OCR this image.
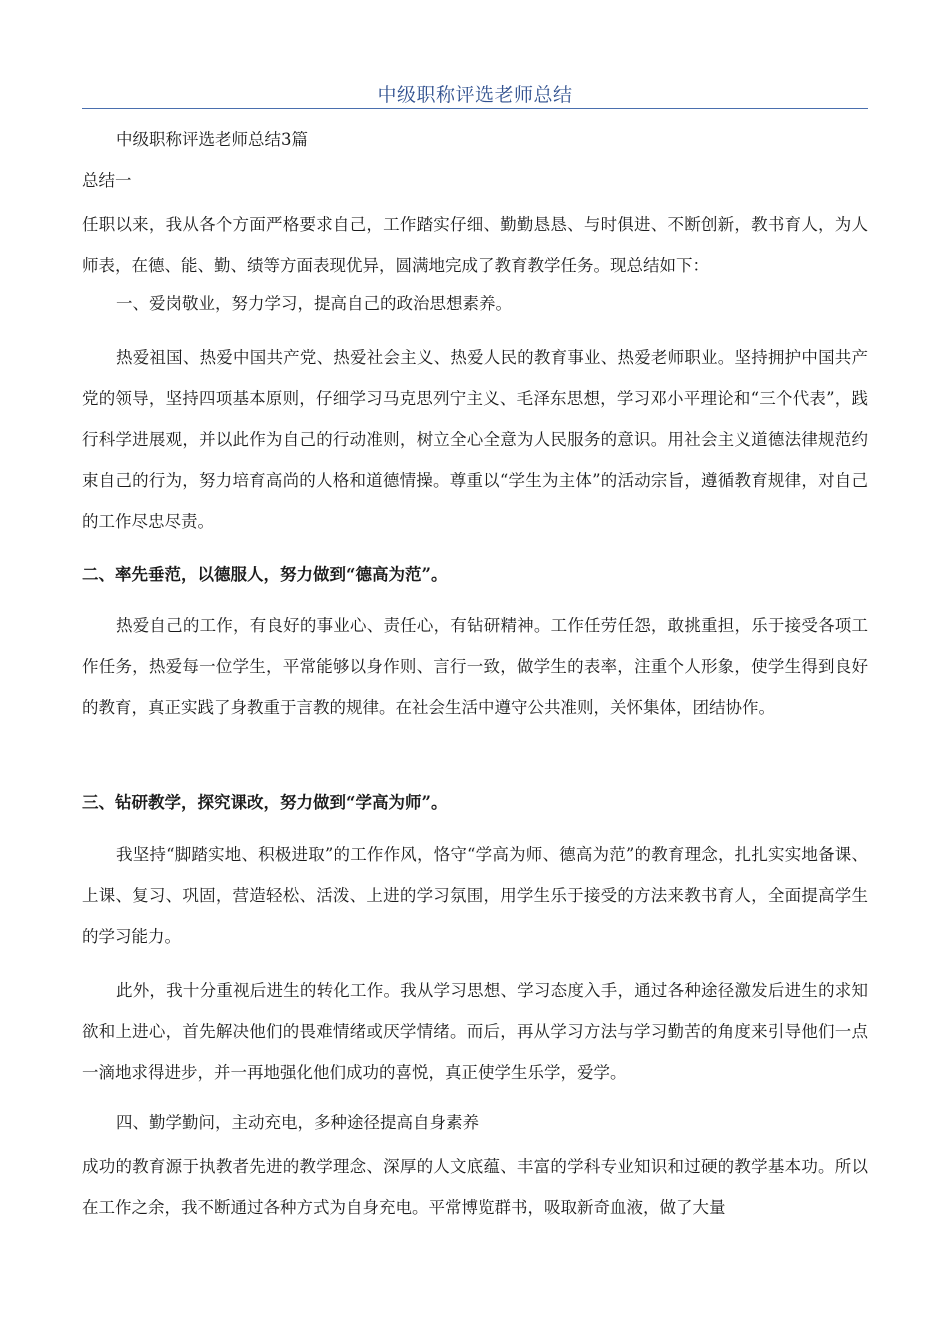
中级职称评选老师总结
中级职称评选老师总结3篇
总结一
任职以来，我从各个方面严格要求自己，工作踏实仔细、勤勤恳恳、与时俱进、不断创新，教书育人，为人师表，在德、能、勤、绩等方面表现优异，圆满地完成了教育教学任务。现总结如下：
一、爱岗敬业，努力学习，提高自己的政治思想素养。
热爱祖国、热爱中国共产党、热爱社会主义、热爱人民的教育事业、热爱老师职业。坚持拥护中国共产党的领导，坚持四项基本原则，仔细学习马克思列宁主义、毛泽东思想，学习邓小平理论和“三个代表”，践行科学进展观，并以此作为自己的行动准则，树立全心全意为人民服务的意识。用社会主义道德法律规范约束自己的行为，努力培育高尚的人格和道德情操。尊重以“学生为主体”的活动宗旨，遵循教育规律，对自己的工作尽忠尽责。
二、率先垂范，以德服人，努力做到“德高为范”。
热爱自己的工作，有良好的事业心、责任心，有钻研精神。工作任劳任怨，敢挑重担，乐于接受各项工作任务，热爱每一位学生，平常能够以身作则、言行一致，做学生的表率，注重个人形象，使学生得到良好的教育，真正实践了身教重于言教的规律。在社会生活中遵守公共准则，关怀集体，团结协作。
三、钻研教学，探究课改，努力做到“学高为师”。
我坚持“脚踏实地、积极进取”的工作作风，恪守“学高为师、德高为范”的教育理念，扎扎实实地备课、上课、复习、巩固，营造轻松、活泼、上进的学习氛围，用学生乐于接受的方法来教书育人，全面提高学生的学习能力。
此外，我十分重视后进生的转化工作。我从学习思想、学习态度入手，通过各种途径激发后进生的求知欲和上进心，首先解决他们的畏难情绪或厌学情绪。而后，再从学习方法与学习勤苦的角度来引导他们一点一滴地求得进步，并一再地强化他们成功的喜悦，真正使学生乐学，爱学。
四、勤学勤问，主动充电，多种途径提高自身素养
成功的教育源于执教者先进的教学理念、深厚的人文底蕴、丰富的学科专业知识和过硬的教学基本功。所以在工作之余，我不断通过各种方式为自身充电。平常博览群书，吸取新奇血液，做了大量
